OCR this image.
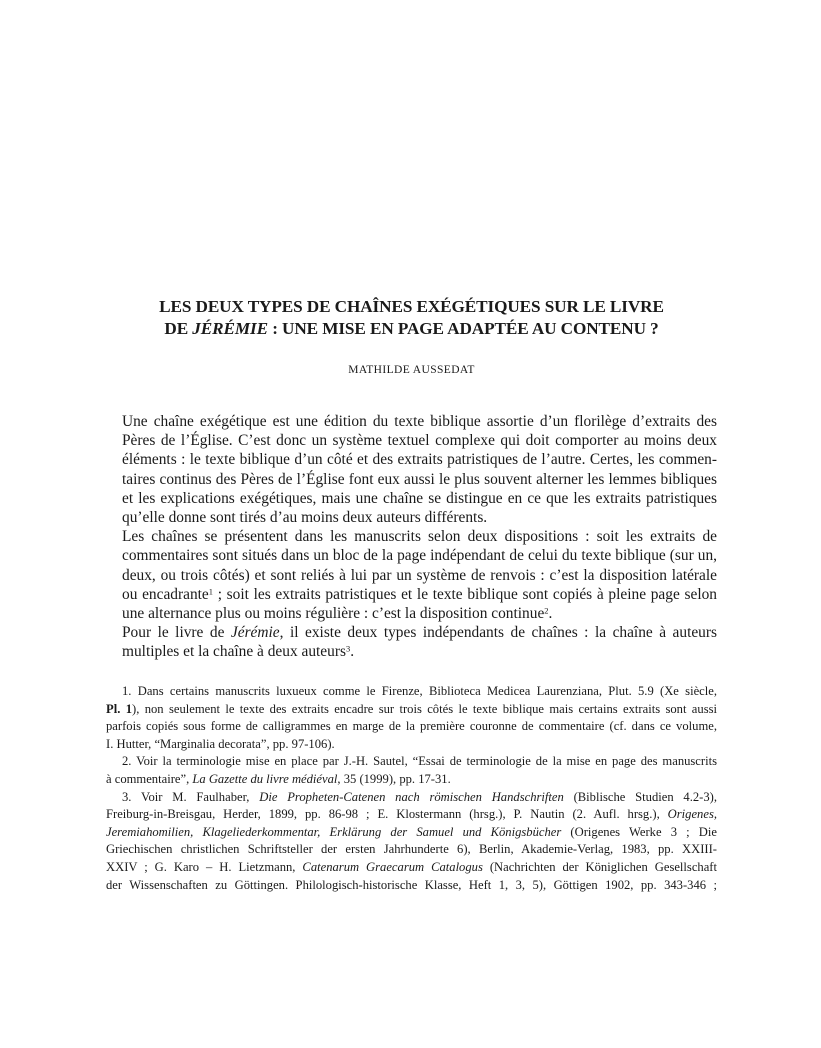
LES DEUX TYPES DE CHAÎNES EXÉGÉTIQUES SUR LE LIVRE
DE JÉRÉMIE : UNE MISE EN PAGE ADAPTÉE AU CONTENU ?
MATHILDE AUSSEDAT

Une chaîne exégétique est une édition du texte biblique assortie d’un florilège d’extraits des
Pères de l’Église. C’est donc un système textuel complexe qui doit comporter au moins deux
éléments : le texte biblique d’un côté et des extraits patristiques de l’autre. Certes, les commen-
taires continus des Pères de l’Église font eux aussi le plus souvent alterner les lemmes bibliques
et les explications exégétiques, mais une chaîne se distingue en ce que les extraits patristiques
qu’elle donne sont tirés d’au moins deux auteurs différents.

Les chaînes se présentent dans les manuscrits selon deux dispositions : soit les extraits de
commentaires sont situés dans un bloc de la page indépendant de celui du texte biblique (sur un,
deux, ou trois côtés) et sont reliés à lui par un système de renvois : c’est la disposition latérale
ou encadrante$^1$ ; soit les extraits patristiques et le texte biblique sont copiés à pleine page selon
une alternance plus ou moins régulière : c’est la disposition continue$^2$.

Pour le livre de Jérémie, il existe deux types indépendants de chaînes : la chaîne à auteurs
multiples et la chaîne à deux auteurs$^3$.

1. Dans certains manuscrits luxueux comme le Firenze, Biblioteca Medicea Laurenziana, Plut. 5.9 (Xe siècle,
Pl. 1), non seulement le texte des extraits encadre sur trois côtés le texte biblique mais certains extraits sont aussi
parfois copiés sous forme de calligrammes en marge de la première couronne de commentaire (cf. dans ce volume,
I. Hutter, “Marginalia decorata”, pp. 97-106).
2. Voir la terminologie mise en place par J.-H. Sautel, “Essai de terminologie de la mise en page des manuscrits
à commentaire”, La Gazette du livre médiéval, 35 (1999), pp. 17-31.
3. Voir M. Faulhaber, Die Propheten-Catenen nach römischen Handschriften (Biblische Studien 4.2-3),
Freiburg-in-Breisgau, Herder, 1899, pp. 86-98 ; E. Klostermann (hrsg.), P. Nautin (2. Aufl. hrsg.), Origenes,
Jeremiahomilien, Klageliederkommentar, Erklärung der Samuel und Königsbücher (Origenes Werke 3 ; Die
Griechischen christlichen Schriftsteller der ersten Jahrhunderte 6), Berlin, Akademie-Verlag, 1983, pp. XXIII-
XXIV ; G. Karo – H. Lietzmann, Catenarum Graecarum Catalogus (Nachrichten der Königlichen Gesellschaft
der Wissenschaften zu Göttingen. Philologisch-historische Klasse, Heft 1, 3, 5), Göttigen 1902, pp. 343-346 ;
